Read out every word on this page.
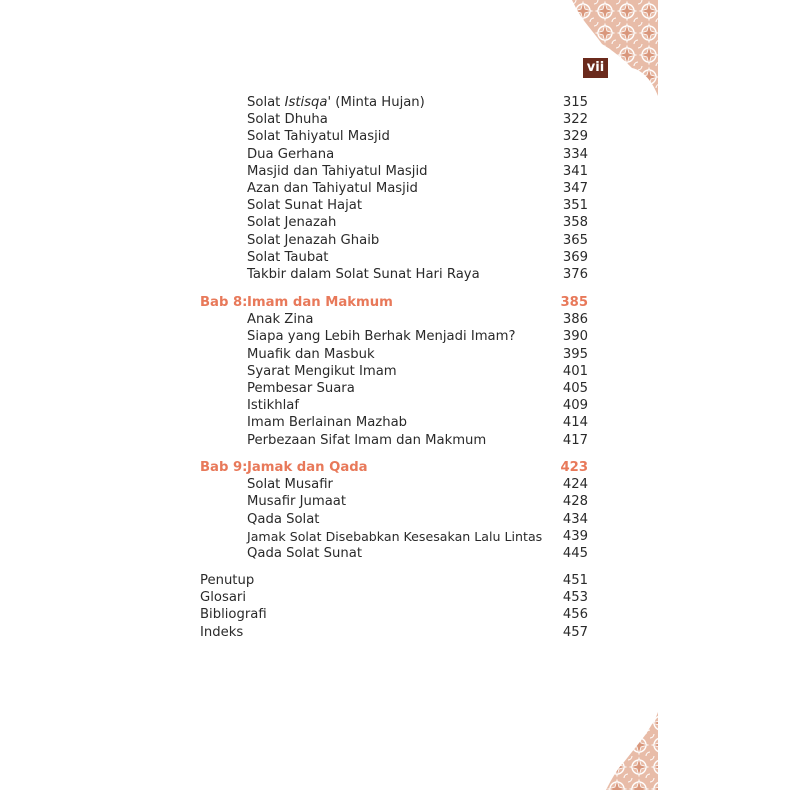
vii
Solat Istisqa' (Minta Hujan)	315
Solat Dhuha	322
Solat Tahiyatul Masjid	329
Dua Gerhana	334
Masjid dan Tahiyatul Masjid	341
Azan dan Tahiyatul Masjid	347
Solat Sunat Hajat	351
Solat Jenazah	358
Solat Jenazah Ghaib	365
Solat Taubat	369
Takbir dalam Solat Sunat Hari Raya	376
Bab 8: Imam dan Makmum	385
Anak Zina	386
Siapa yang Lebih Berhak Menjadi Imam?	390
Muafik dan Masbuk	395
Syarat Mengikut Imam	401
Pembesar Suara	405
Istikhlaf	409
Imam Berlainan Mazhab	414
Perbezaan Sifat Imam dan Makmum	417
Bab 9: Jamak dan Qada	423
Solat Musafir	424
Musafir Jumaat	428
Qada Solat	434
Jamak Solat Disebabkan Kesesakan Lalu Lintas 439
Qada Solat Sunat	445
Penutup	451
Glosari	453
Bibliografi	456
Indeks	457
